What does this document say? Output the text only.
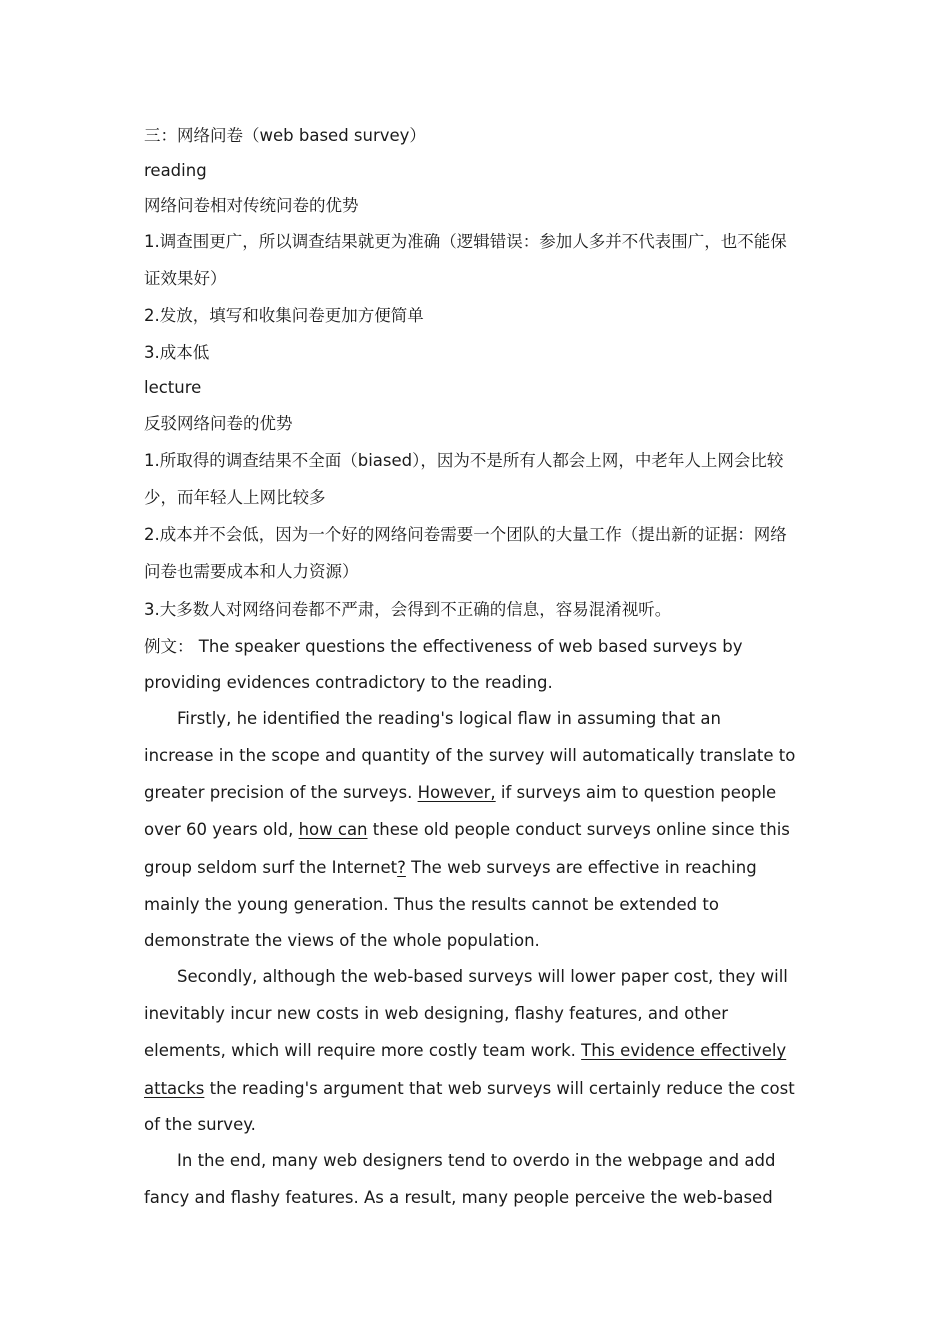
三：网络问卷（web based survey）

reading

网络问卷相对传统问卷的优势

1.调查围更广，所以调查结果就更为准确（逻辑错误：参加人多并不代表围广，也不能保

证效果好）

2.发放，填写和收集问卷更加方便简单

3.成本低

lecture

反驳网络问卷的优势

1.所取得的调查结果不全面（biased），因为不是所有人都会上网，中老年人上网会比较

少，而年轻人上网比较多

2.成本并不会低，因为一个好的网络问卷需要一个团队的大量工作（提出新的证据：网络

问卷也需要成本和人力资源）

3.大多数人对网络问卷都不严肃，会得到不正确的信息，容易混淆视听。

例文： The speaker questions the effectiveness of web based surveys by

providing evidences contradictory to the reading.

Firstly, he identified the reading's logical flaw in assuming that an

increase in the scope and quantity of the survey will automatically translate to

greater precision of the surveys. However, if surveys aim to question people

over 60 years old, how can these old people conduct surveys online since this

group seldom surf the Internet? The web surveys are effective in reaching

mainly the young generation. Thus the results cannot be extended to

demonstrate the views of the whole population.

Secondly, although the web-based surveys will lower paper cost, they will

inevitably incur new costs in web designing, flashy features, and other

elements, which will require more costly team work. This evidence effectively

attacks the reading's argument that web surveys will certainly reduce the cost

of the survey.

In the end, many web designers tend to overdo in the webpage and add

fancy and flashy features. As a result, many people perceive the web-based
